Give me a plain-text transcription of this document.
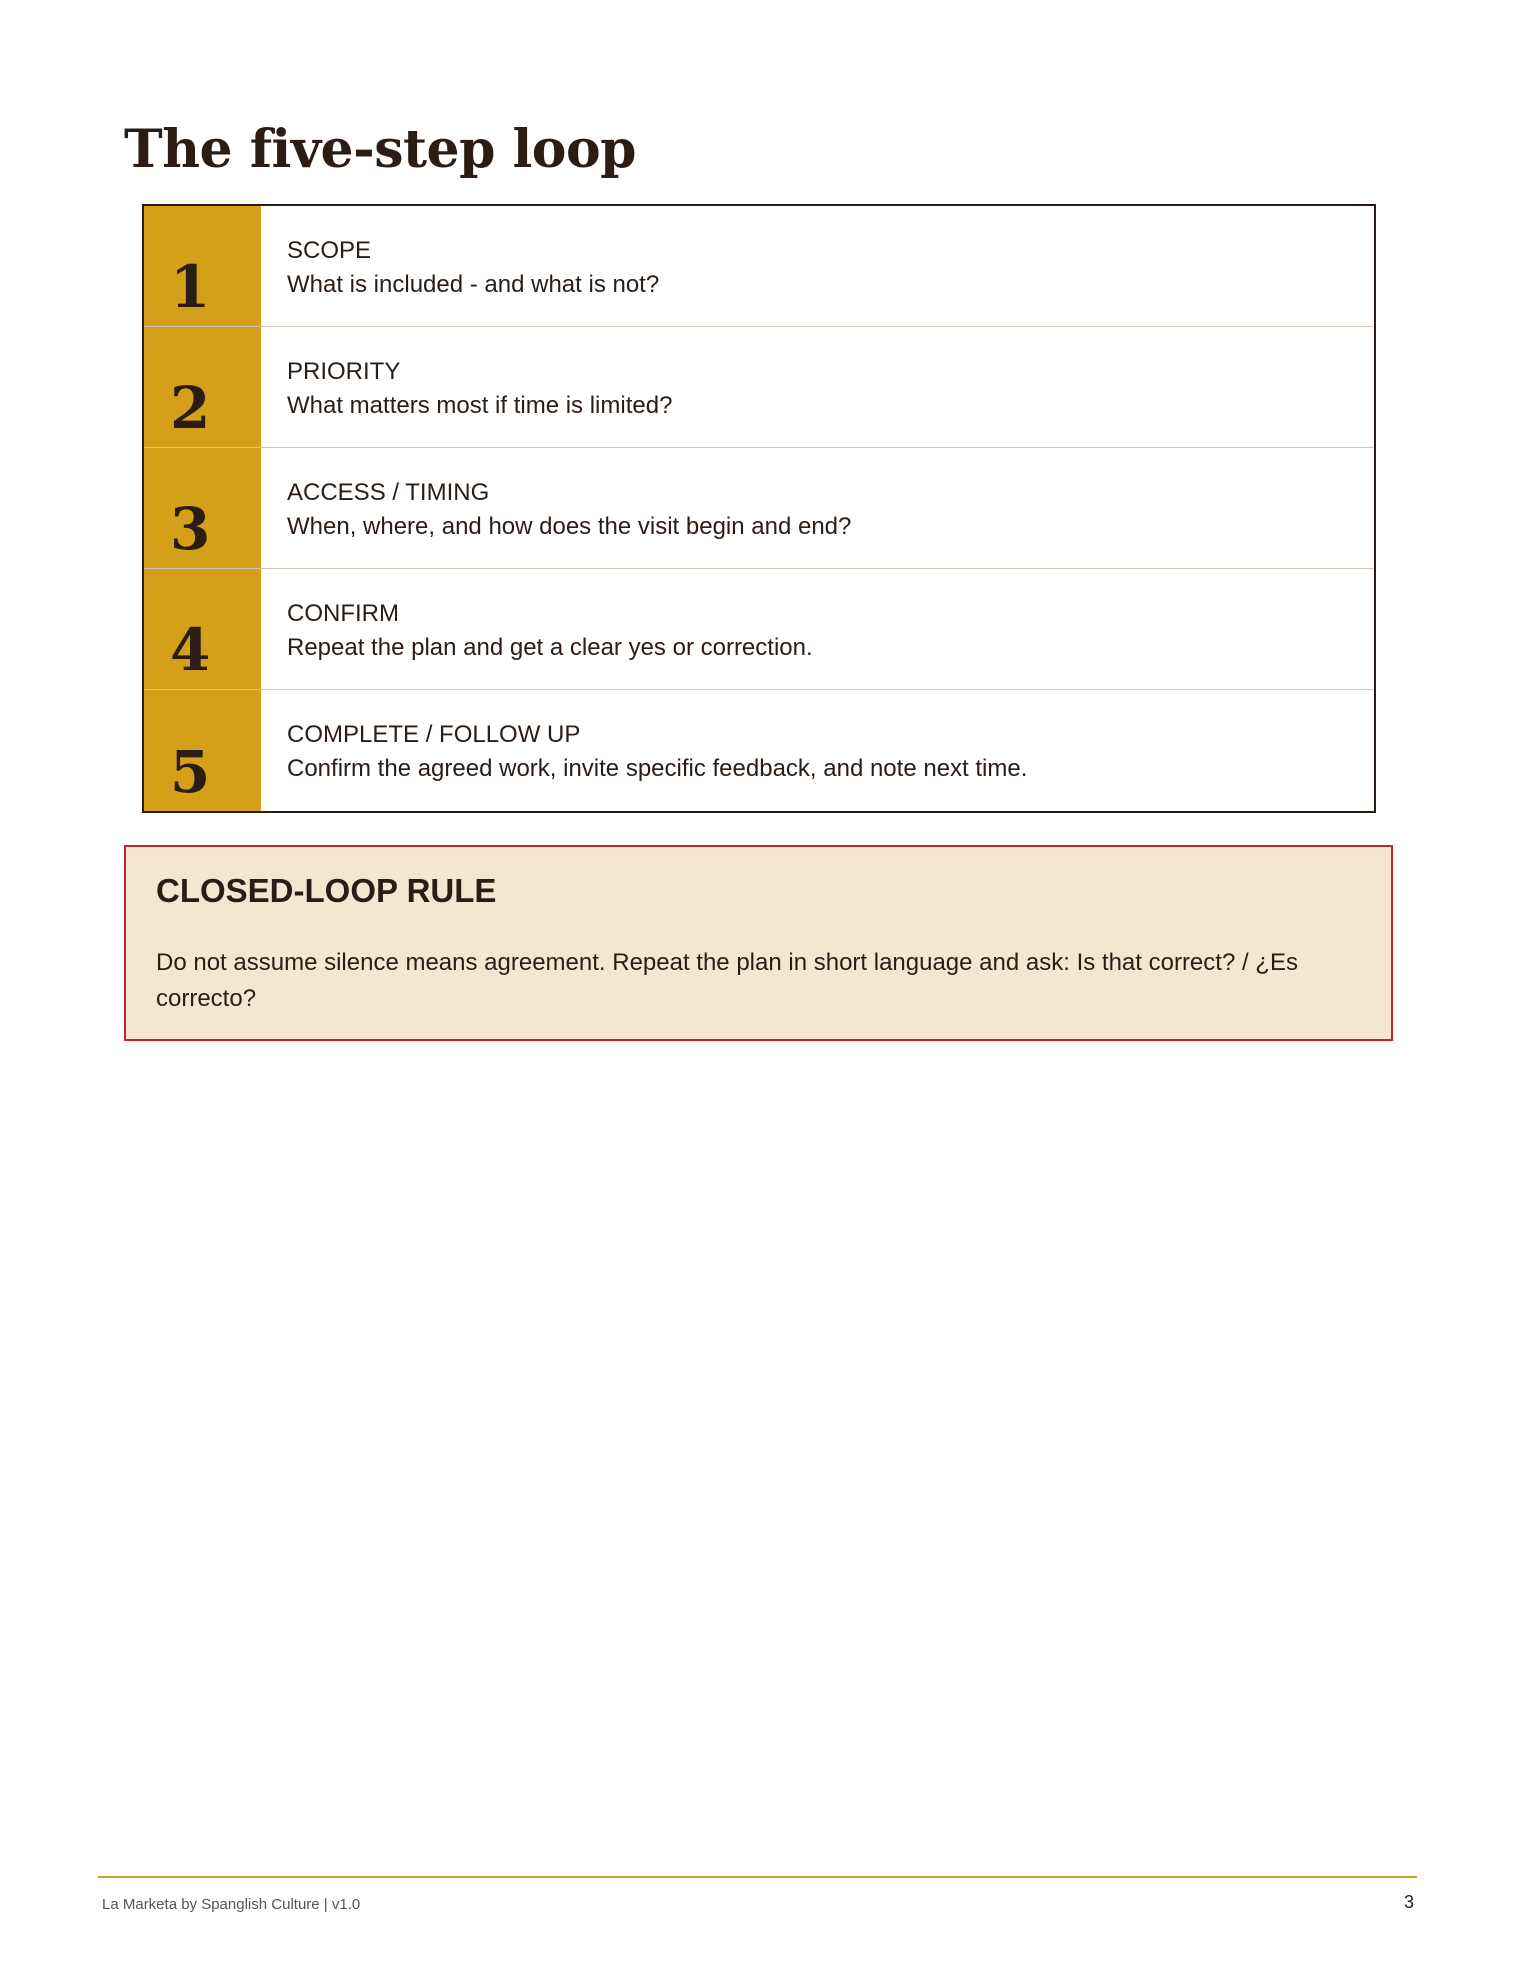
The five-step loop
1
SCOPE
What is included - and what is not?
2
PRIORITY
What matters most if time is limited?
3
ACCESS / TIMING
When, where, and how does the visit begin and end?
4
CONFIRM
Repeat the plan and get a clear yes or correction.
5
COMPLETE / FOLLOW UP
Confirm the agreed work, invite specific feedback, and note next time.
CLOSED-LOOP RULE

Do not assume silence means agreement. Repeat the plan in short language and ask: Is that correct? / ¿Es correcto?

La Marketa by Spanglish Culture | v1.0	3
